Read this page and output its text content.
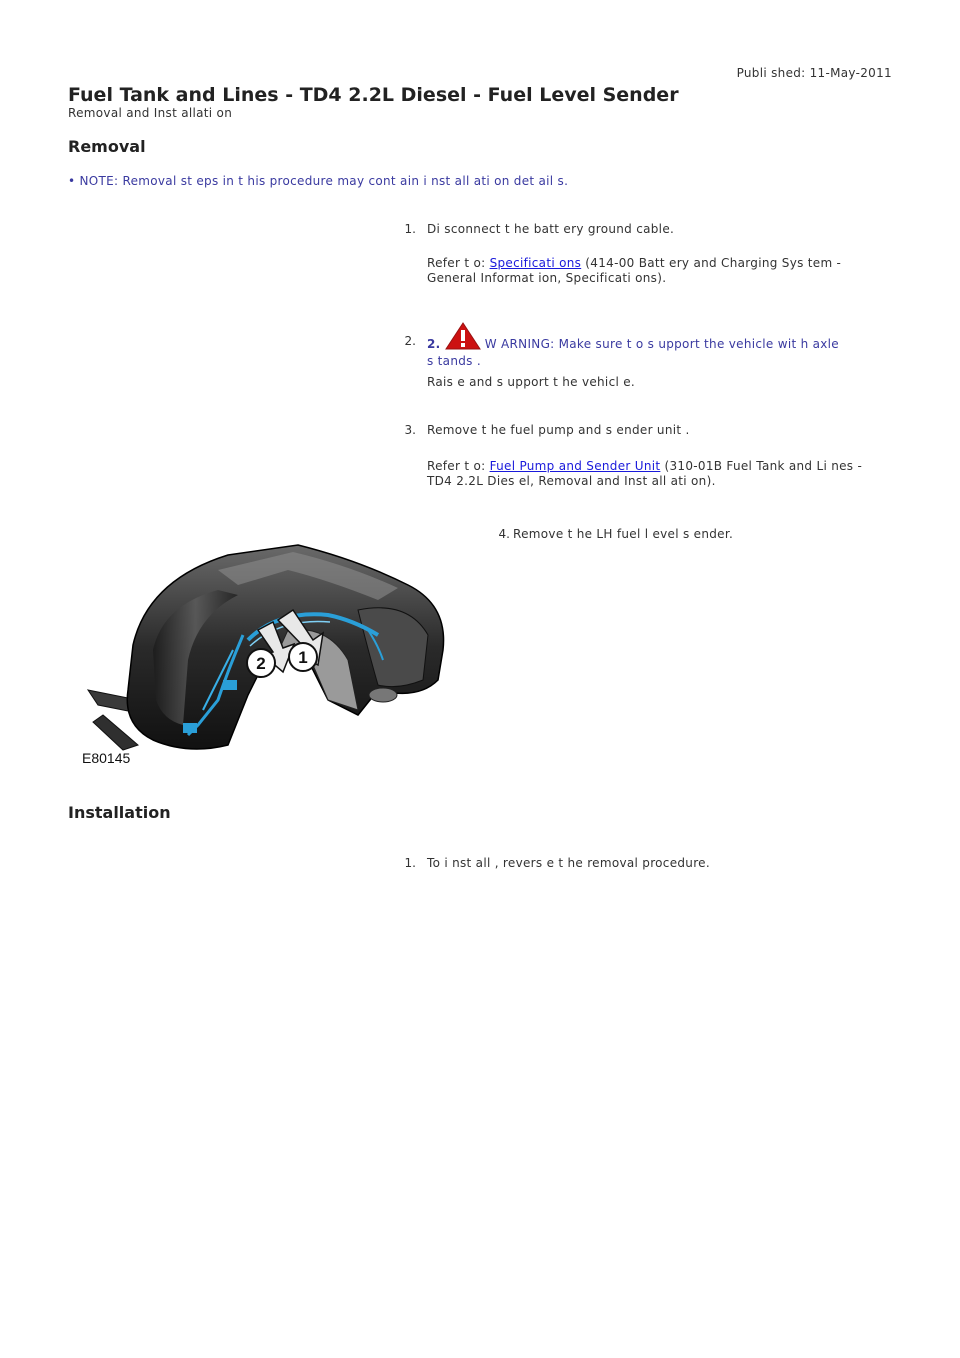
Publi shed: 11-May-2011
Fuel Tank and Lines - TD4 2.2L Diesel - Fuel Level Sender
Removal and Inst allati on
Removal
• NOTE: Removal st eps in t his procedure may cont ain i nst all ati on det ail s.
1. Di sconnect t he batt ery ground cable.
Refer t o: Specificati ons (414-00 Batt ery and Charging Sys tem -
General Informat ion, Specificati ons).
2. 2.	W ARNING: Make sure t o s upport the vehicle wit h axle
s tands .
Rais e and s upport t he vehicl e.
3. Remove t he fuel pump and s ender unit .
Refer t o: Fuel Pump and Sender Unit (310-01B Fuel Tank and Li nes -
TD4 2.2L Dies el, Removal and Inst all ati on).
4. Remove t he LH fuel l evel s ender.
2 1
E80145
Installation
1. To i nst all , revers e t he removal procedure.
